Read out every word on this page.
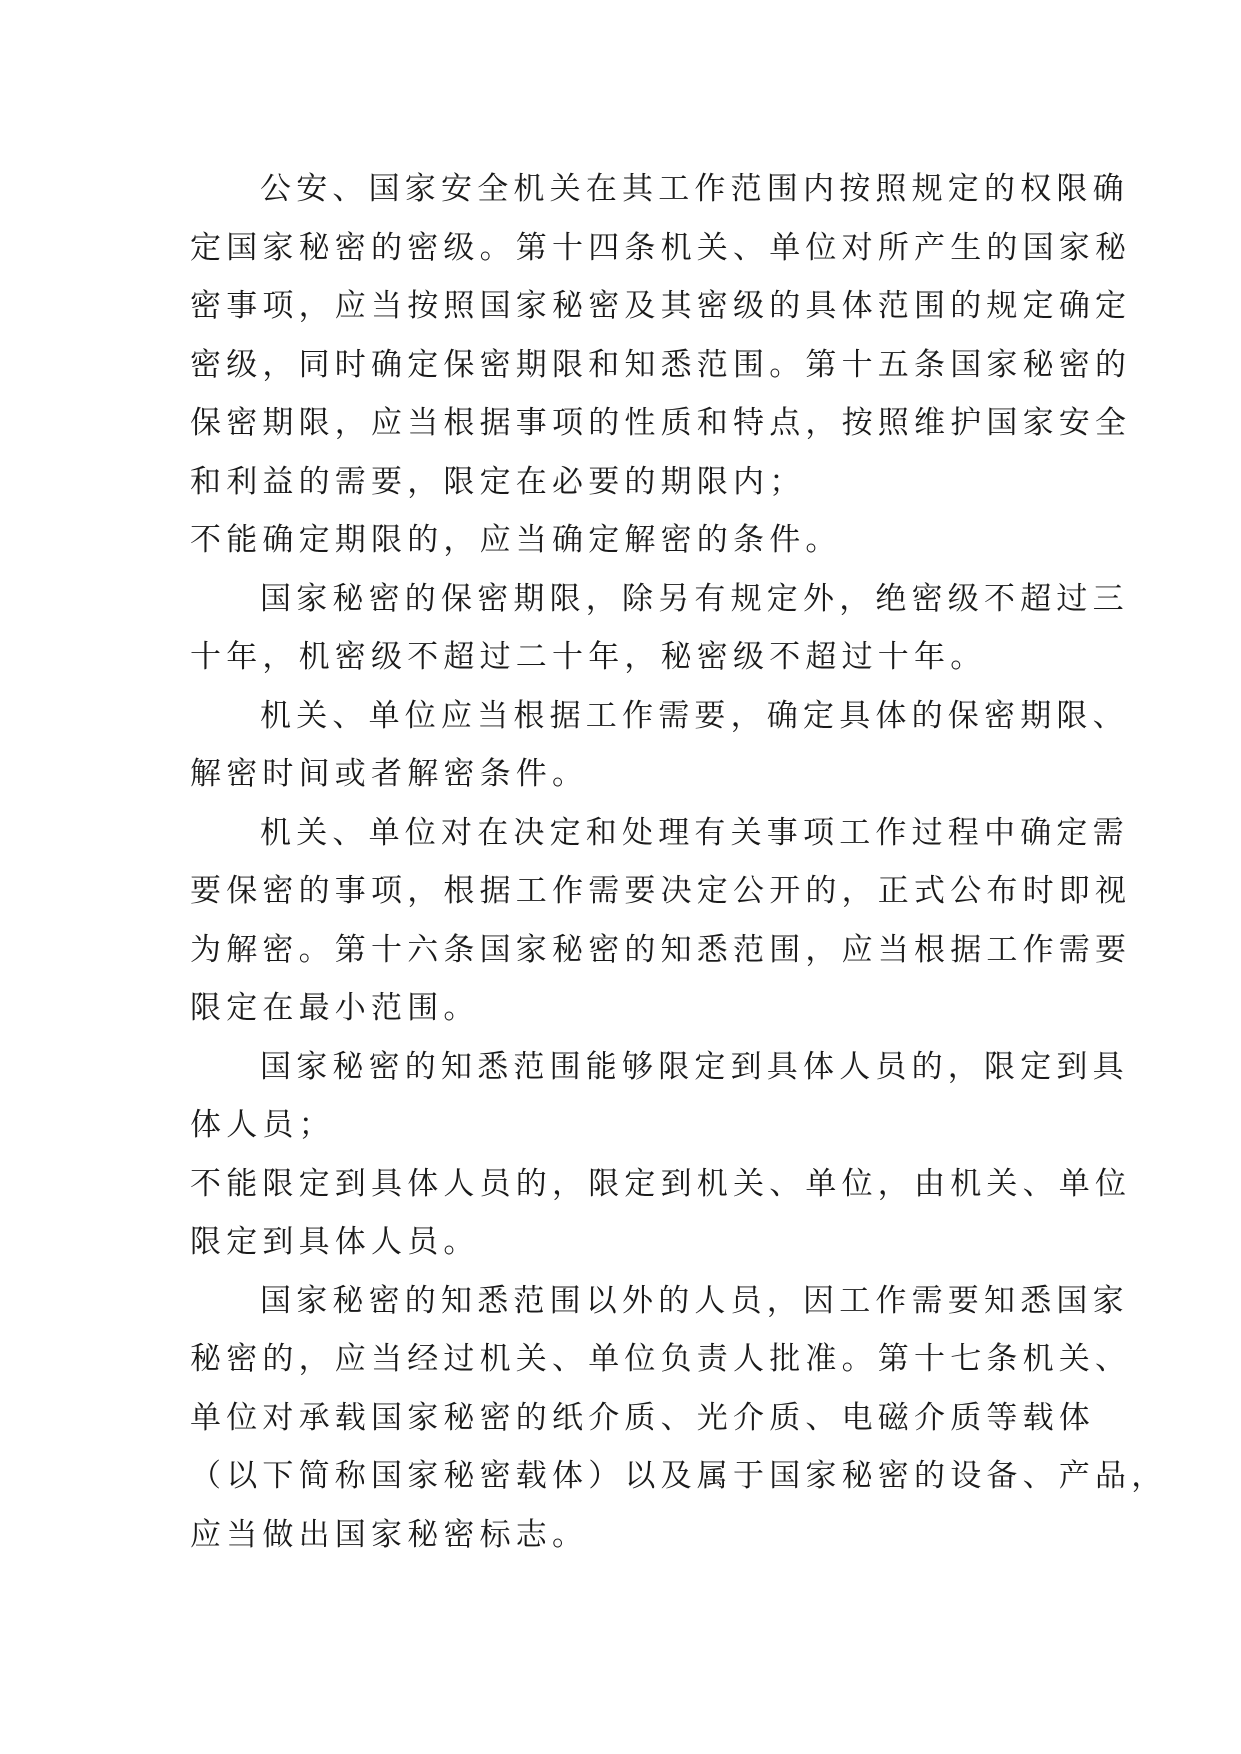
公安、国家安全机关在其工作范围内按照规定的权限确
定国家秘密的密级。第十四条机关、单位对所产生的国家秘
密事项，应当按照国家秘密及其密级的具体范围的规定确定
密级，同时确定保密期限和知悉范围。第十五条国家秘密的
保密期限，应当根据事项的性质和特点，按照维护国家安全
和利益的需要，限定在必要的期限内；
不能确定期限的，应当确定解密的条件。
国家秘密的保密期限，除另有规定外，绝密级不超过三
十年，机密级不超过二十年，秘密级不超过十年。
机关、单位应当根据工作需要，确定具体的保密期限、
解密时间或者解密条件。
机关、单位对在决定和处理有关事项工作过程中确定需
要保密的事项，根据工作需要决定公开的，正式公布时即视
为解密。第十六条国家秘密的知悉范围，应当根据工作需要
限定在最小范围。
国家秘密的知悉范围能够限定到具体人员的，限定到具
体人员；
不能限定到具体人员的，限定到机关、单位，由机关、单位
限定到具体人员。
国家秘密的知悉范围以外的人员，因工作需要知悉国家
秘密的，应当经过机关、单位负责人批准。第十七条机关、
单位对承载国家秘密的纸介质、光介质、电磁介质等载体
（以下简称国家秘密载体）以及属于国家秘密的设备、产品，
应当做出国家秘密标志。
